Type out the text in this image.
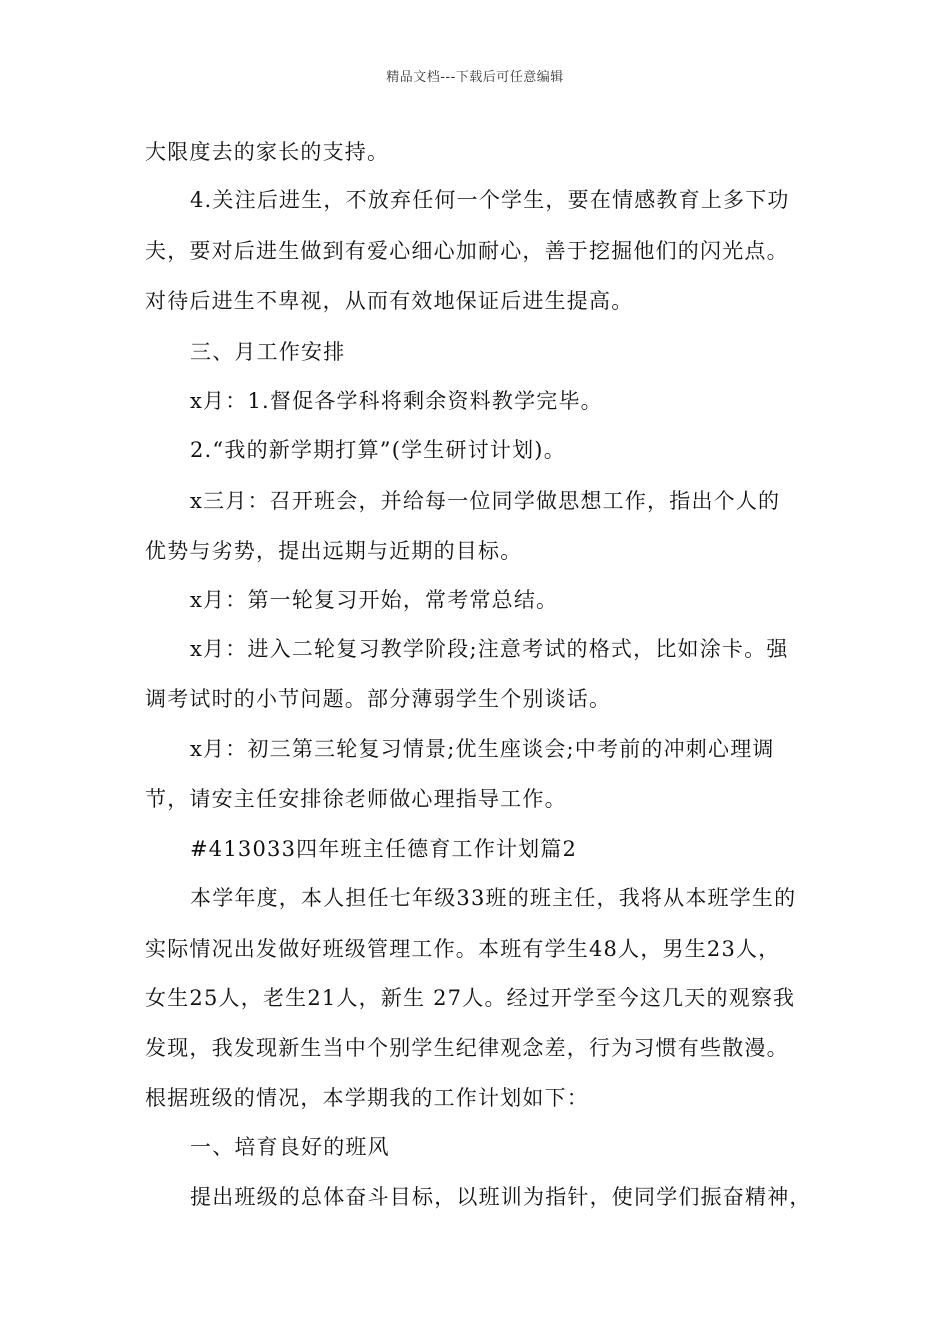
精品文档---下载后可任意编辑
大限度去的家长的支持。
4.关注后进生，不放弃任何一个学生，要在情感教育上多下功
夫，要对后进生做到有爱心细心加耐心，善于挖掘他们的闪光点。
对待后进生不卑视，从而有效地保证后进生提高。
三、月工作安排
x月：1.督促各学科将剩余资料教学完毕。
2.“我的新学期打算”(学生研讨计划)。
x三月：召开班会，并给每一位同学做思想工作，指出个人的
优势与劣势，提出远期与近期的目标。
x月：第一轮复习开始，常考常总结。
x月：进入二轮复习教学阶段;注意考试的格式，比如涂卡。强
调考试时的小节问题。部分薄弱学生个别谈话。
x月：初三第三轮复习情景;优生座谈会;中考前的冲刺心理调
节，请安主任安排徐老师做心理指导工作。
#413033四年班主任德育工作计划篇2
本学年度，本人担任七年级33班的班主任，我将从本班学生的
实际情况出发做好班级管理工作。本班有学生48人，男生23人，
女生25人，老生21人，新生 27人。经过开学至今这几天的观察我
发现，我发现新生当中个别学生纪律观念差，行为习惯有些散漫。
根据班级的情况，本学期我的工作计划如下：
一、培育良好的班风
提出班级的总体奋斗目标，以班训为指针，使同学们振奋精神，
